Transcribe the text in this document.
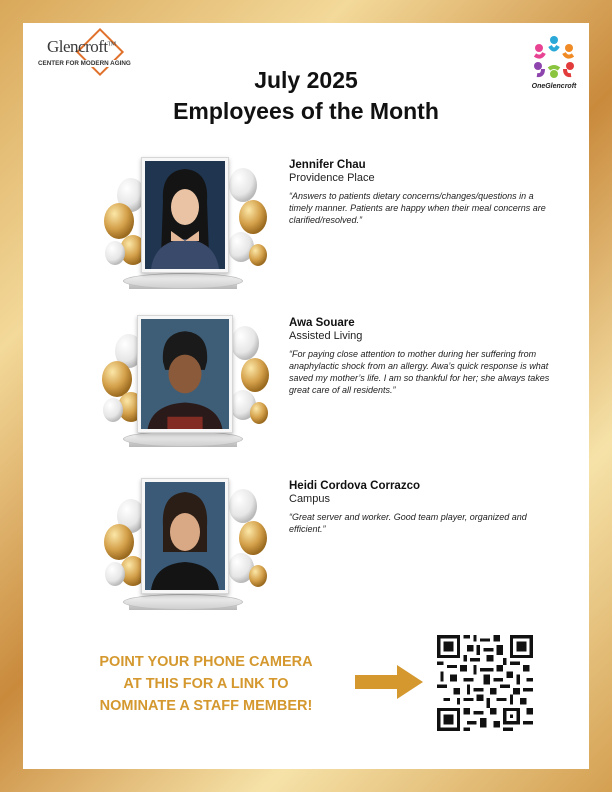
Glencroft™
CENTER FOR MODERN AGING
OneGlencroft
July 2025
Employees of the Month
Jennifer Chau
Providence Place
“Answers to patients dietary concerns/changes/questions in a timely manner. Patients are happy when their meal concerns are clarified/resolved.”
Awa Souare
Assisted Living
“For paying close attention to mother during her suffering from anaphylactic shock from an allergy. Awa’s quick response is what saved my mother’s life. I am so thankful for her; she always takes great care of all residents.”
Heidi Cordova Corrazco
Campus
“Great server and worker. Good team player, organized and efficient.”
POINT YOUR PHONE CAMERA
AT THIS FOR A LINK TO
NOMINATE A STAFF MEMBER!
